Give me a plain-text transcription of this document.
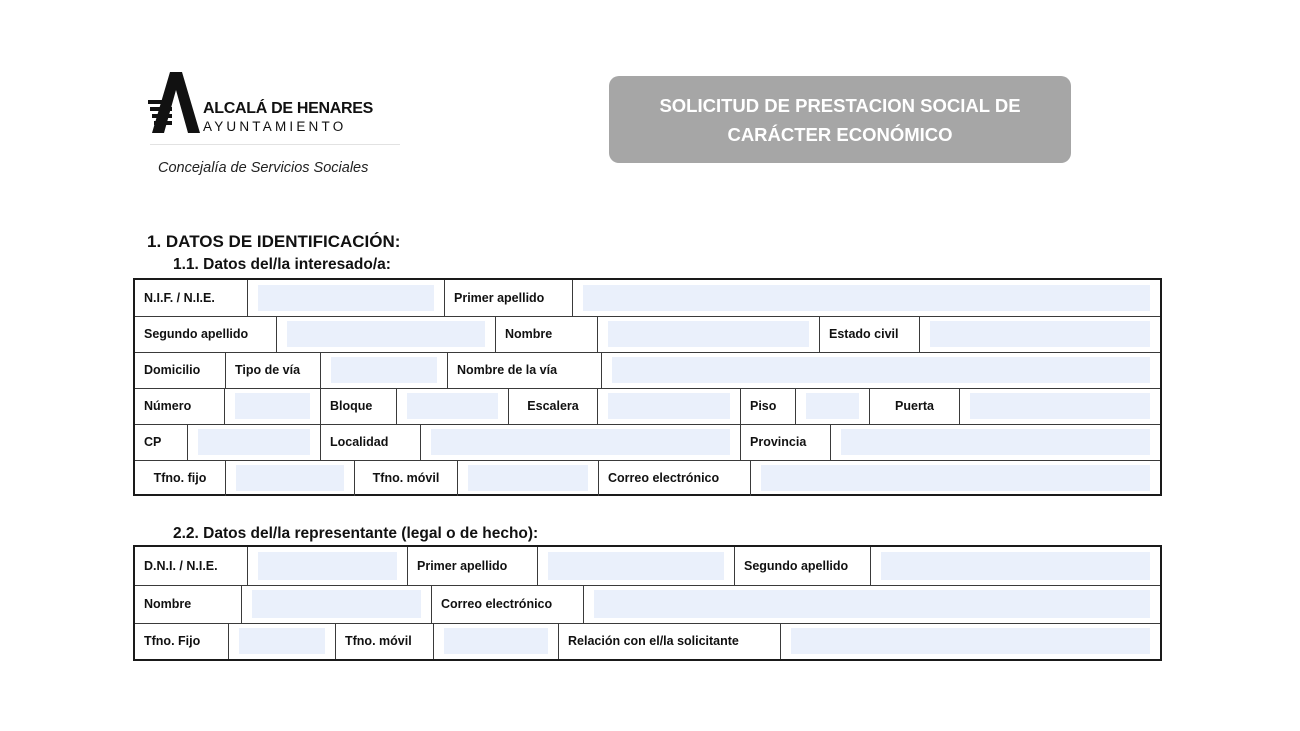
ALCALÁ DE HENARES
AYUNTAMIENTO
Concejalía de Servicios Sociales
SOLICITUD DE PRESTACION SOCIAL DE
CARÁCTER ECONÓMICO
1. DATOS DE IDENTIFICACIÓN:
1.1. Datos del/la interesado/a:
N.I.F. / N.I.E.	Primer apellido
Segundo apellido	Nombre	Estado civil
Domicilio	Tipo de vía	Nombre de la vía
Número	Bloque	Escalera	Piso	Puerta
CP	Localidad	Provincia
Tfno. fijo	Tfno. móvil	Correo electrónico
2.2. Datos del/la representante (legal o de hecho):
D.N.I. / N.I.E.	Primer apellido	Segundo apellido
Nombre	Correo electrónico
Tfno. Fijo	Tfno. móvil	Relación con el/la solicitante
